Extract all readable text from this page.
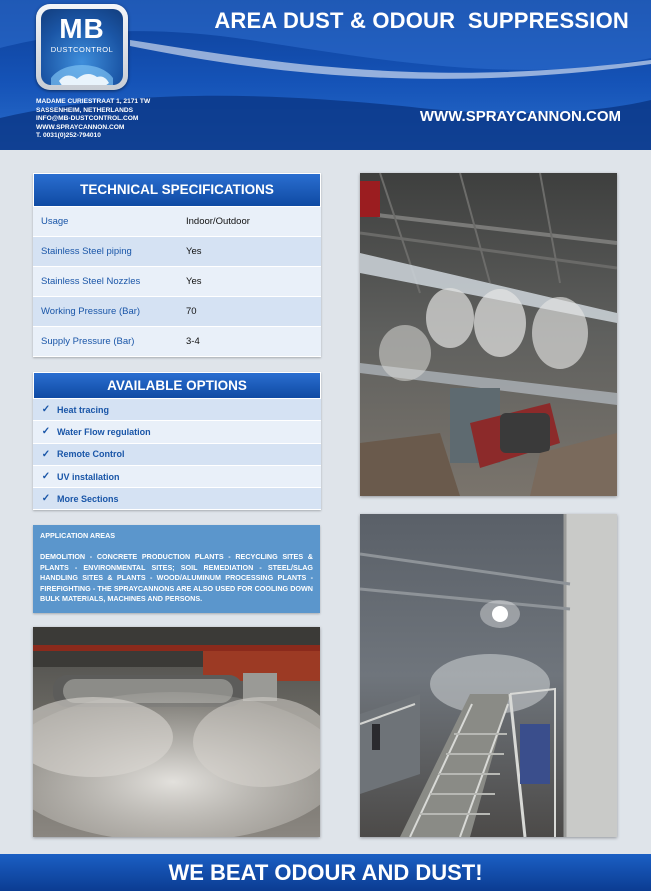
MB
DUSTCONTROL
MADAME CURIESTRAAT 1, 2171 TW
SASSENHEIM, NETHERLANDS
INFO@MB-DUSTCONTROL.COM
WWW.SPRAYCANNON.COM
T. 0031(0)252-794010
AREA DUST & ODOUR  SUPPRESSION
WWW.SPRAYCANNON.COM
TECHNICAL SPECIFICATIONS
Usage	Indoor/Outdoor
Stainless Steel piping	Yes
Stainless Steel Nozzles	Yes
Working Pressure (Bar)	70
Supply Pressure (Bar)	3-4
AVAILABLE OPTIONS
✓ Heat tracing
✓ Water Flow regulation
✓ Remote Control
✓ UV installation
✓ More Sections
APPLICATION AREAS
DEMOLITION - CONCRETE PRODUCTION PLANTS - RECYCLING SITES & PLANTS - ENVIRONMENTAL SITES; SOIL REMEDIATION - STEEL/SLAG HANDLING SITES & PLANTS - WOOD/ALUMINUM PROCESSING PLANTS - FIREFIGHTING - THE SPRAYCANNONS ARE ALSO USED FOR COOLING DOWN BULK MATERIALS, MACHINES AND PERSONS.
WE BEAT ODOUR AND DUST!
